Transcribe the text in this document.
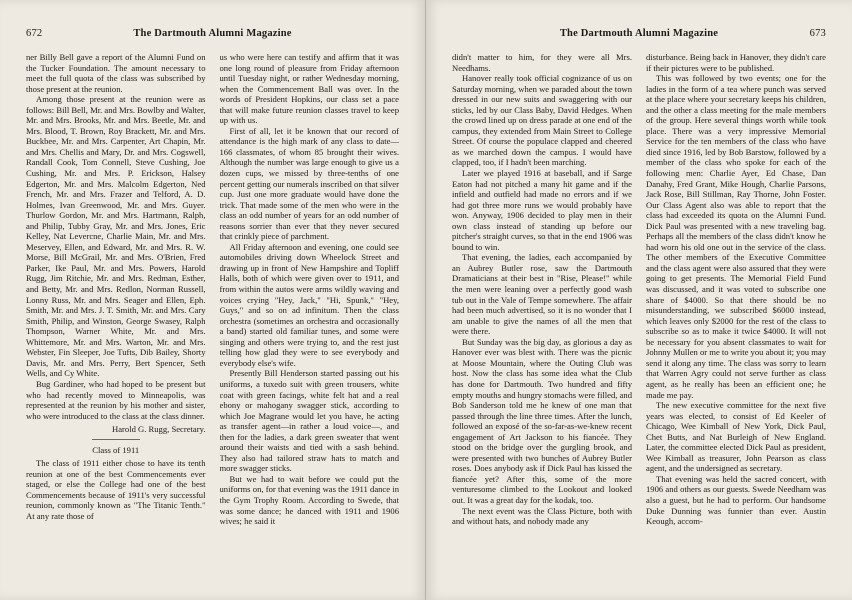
672	The Dartmouth Alumni Magazine

ner Billy Bell gave a report of the Alumni Fund on the Tucker Foundation. The amount necessary to meet the full quota of the class was subscribed by those present at the reunion.

Among those present at the reunion were as follows: Bill Bell, Mr. and Mrs. Bowlby and Walter, Mr. and Mrs. Brooks, Mr. and Mrs. Beetle, Mr. and Mrs. Blood, T. Brown, Roy Brackett, Mr. and Mrs. Buckbee, Mr. and Mrs. Carpenter, Art Chapin, Mr. and Mrs. Chellis and Mary, Dr. and Mrs. Cogswell, Randall Cook, Tom Connell, Steve Cushing, Joe Cushing, Mr. and Mrs. P. Erickson, Halsey Edgerton, Mr. and Mrs. Malcolm Edgerton, Ned French, Mr. and Mrs. Frazer and Telford, A. D. Holmes, Ivan Greenwood, Mr. and Mrs. Guyer. Thurlow Gordon, Mr. and Mrs. Hartmann, Ralph, and Philip, Tubby Gray, Mr. and Mrs. Jones, Eric Kelley, Nat Levercne, Charlie Main, Mr. and Mrs. Meservey, Ellen, and Edward, Mr. and Mrs. R. W. Morse, Bill McGrail, Mr. and Mrs. O'Brien, Fred Parker, Ike Paul, Mr. and Mrs. Powers, Harold Rugg, Jim Ritchie, Mr. and Mrs. Redman, Esther, and Betty, Mr. and Mrs. Redlon, Norman Russell, Lonny Russ, Mr. and Mrs. Seager and Ellen, Eph. Smith, Mr. and Mrs. J. T. Smith, Mr. and Mrs. Cary Smith, Philip, and Winston, George Swasey, Ralph Thompson, Warner White, Mr. and Mrs. Whittemore, Mr. and Mrs. Warton, Mr. and Mrs. Webster, Fin Sleeper, Joe Tufts, Dib Bailey, Shorty Davis, Mr. and Mrs. Perry, Bert Spencer, Seth Wells, and Cy White.

Bug Gardiner, who had hoped to be present but who had recently moved to Minneapolis, was represented at the reunion by his mother and sister, who were introduced to the class at the class dinner.

Harold G. Rugg, Secretary.
Class of 1911

The class of 1911 either chose to have its tenth reunion at one of the best Commencements ever staged, or else the College had one of the best Commencements because of 1911's very successful reunion, commonly known as "The Titanic Tenth." At any rate those of

us who were here can testify and affirm that it was one long round of pleasure from Friday afternoon until Tuesday night, or rather Wednesday morning, when the Commencement Ball was over. In the words of President Hopkins, our class set a pace that will make future reunion classes travel to keep up with us.

First of all, let it be known that our record of attendance is the high mark of any class to date—166 classmates, of whom 85 brought their wives. Although the number was large enough to give us a dozen cups, we missed by three-tenths of one percent getting our numerals inscribed on that silver cup. Just one more graduate would have done the trick. That made some of the men who were in the class an odd number of years for an odd number of reasons sorrier than ever that they never secured that crinkly piece of parchment.

All Friday afternoon and evening, one could see automobiles driving down Wheelock Street and drawing up in front of New Hampshire and Topliff Halls, both of which were given over to 1911, and from within the autos were arms wildly waving and voices crying "Hey, Jack," "Hi, Spunk," "Hey, Guys," and so on ad infinitum. Then the class orchestra (sometimes an orchestra and occasionally a band) started old familiar tunes, and some were singing and others were trying to, and the rest just telling how glad they were to see everybody and everybody else's wife.

Presently Bill Henderson started passing out his uniforms, a tuxedo suit with green trousers, white coat with green facings, white felt hat and a real ebony or mahogany swagger stick, according to which Joe Magrane would let you have, he acting as transfer agent—in rather a loud voice—, and then for the ladies, a dark green sweater that went around their waists and tied with a sash behind. They also had tailored straw hats to match and more swagger sticks.

But we had to wait before we could put the uniforms on, for that evening was the 1911 dance in the Gym Trophy Room. According to Swede, that was some dance; he danced with 1911 and 1906 wives; he said it

The Dartmouth Alumni Magazine	673

didn't matter to him, for they were all Mrs. Needhams.

Hanover really took official cognizance of us on Saturday morning, when we paraded about the town dressed in our new suits and swaggering with our sticks, led by our Class Baby, David Hedges. When the crowd lined up on dress parade at one end of the campus, they extended from Main Street to College Street. Of course the populace clapped and cheered as we marched down the campus. I would have clapped, too, if I hadn't been marching.

Later we played 1916 at baseball, and if Sarge Eaton had not pitched a many hit game and if the infield and outfield had made no errors and if we had got three more runs we would probably have won. Anyway, 1906 decided to play men in their own class instead of standing up before our pitcher's straight curves, so that in the end 1906 was bound to win.

That evening, the ladies, each accompanied by an Aubrey Butler rose, saw the Dartmouth Dramaticians at their best in "Rise, Please!" while the men were leaning over a perfectly good wash tub out in the Vale of Tempe somewhere. The affair had been much advertised, so it is no wonder that I am unable to give the names of all the men that were there.

But Sunday was the big day, as glorious a day as Hanover ever was blest with. There was the picnic at Moose Mountain, where the Outing Club was host. Now the class has some idea what the Club has done for Dartmouth. Two hundred and fifty empty mouths and hungry stomachs were filled, and Bob Sanderson told me he knew of one man that passed through the line three times. After the lunch, followed an exposé of the so-far-as-we-knew recent engagement of Art Jackson to his fiancée. They stood on the bridge over the gurgling brook, and were presented with two bunches of Aubrey Butler roses. Does anybody ask if Dick Paul has kissed the fiancée yet? After this, some of the more venturesome climbed to the Lookout and looked out. It was a great day for the kodak, too.

The next event was the Class Picture, both with and without hats, and nobody made any

disturbance. Being back in Hanover, they didn't care if their pictures were to be published.

This was followed by two events; one for the ladies in the form of a tea where punch was served at the place where your secretary keeps his children, and the other a class meeting for the male members of the group. Here several things worth while took place. There was a very impressive Memorial Service for the ten members of the class who have died since 1916, led by Bob Barstow, followed by a member of the class who spoke for each of the following men: Charlie Ayer, Ed Chase, Dan Danahy, Fred Grant, Mike Hough, Charlie Parsons, Jack Rose, Bill Stillman, Ray Thorne, John Foster. Our Class Agent also was able to report that the class had exceeded its quota on the Alumni Fund. Dick Paul was presented with a new traveling bag. Perhaps all the members of the class didn't know he had worn his old one out in the service of the class. The other members of the Executive Committee and the class agent were also assured that they were going to get presents. The Memorial Field Fund was discussed, and it was voted to subscribe one share of $4000. So that there should be no misunderstanding, we subscribed $6000 instead, which leaves only $2000 for the rest of the class to subscribe so as to make it twice $4000. It will not be necessary for you absent classmates to wait for Johnny Mullen or me to write you about it; you may send it along any time. The class was sorry to learn that Warren Agry could not serve further as class agent, as he really has been an efficient one; he made me pay.

The new executive committee for the next five years was elected, to consist of Ed Keeler of Chicago, Wee Kimball of New York, Dick Paul, Chet Butts, and Nat Burleigh of New England. Later, the committee elected Dick Paul as president, Wee Kimball as treasurer, John Pearson as class agent, and the undersigned as secretary.

That evening was held the sacred concert, with 1906 and others as our guests. Swede Needham was also a guest, but he had to perform. Our handsome Duke Dunning was funnier than ever. Austin Keough, accom-
